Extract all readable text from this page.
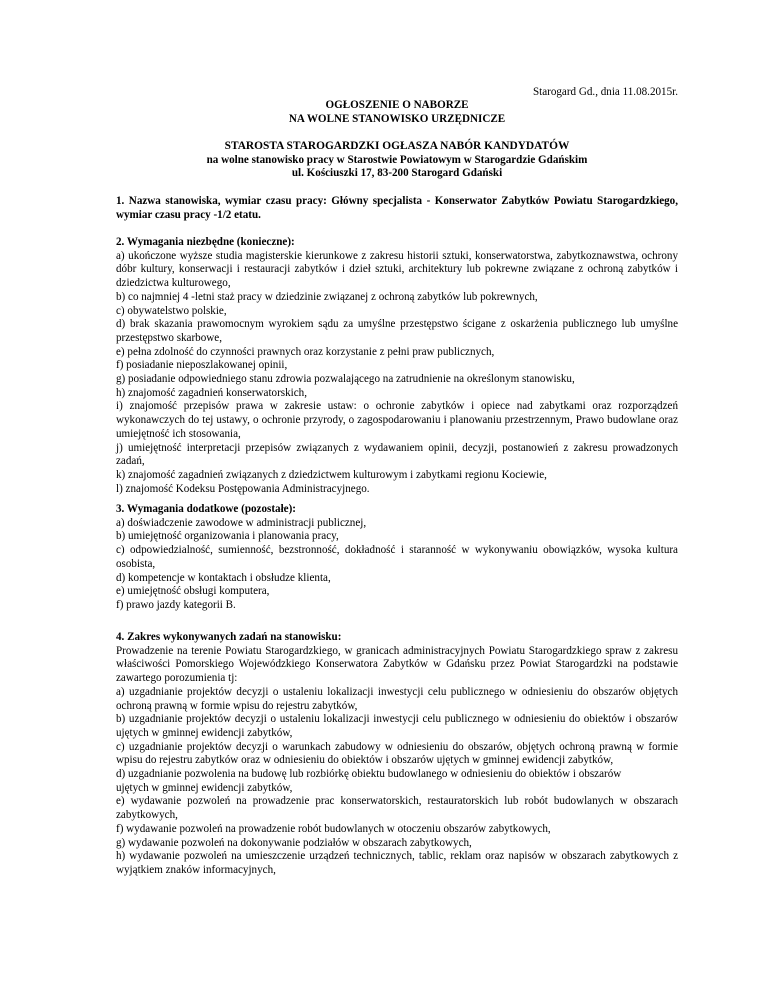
Starogard Gd., dnia 11.08.2015r.
OGŁOSZENIE O NABORZE
NA WOLNE STANOWISKO URZĘDNICZE
STAROSTA STAROGARDZKI OGŁASZA NABÓR KANDYDATÓW
na wolne stanowisko pracy w Starostwie Powiatowym w Starogardzie Gdańskim
ul. Kościuszki 17, 83-200 Starogard Gdański
1. Nazwa stanowiska, wymiar czasu pracy: Główny specjalista - Konserwator Zabytków Powiatu Starogardzkiego, wymiar czasu pracy -1/2 etatu.
2. Wymagania niezbędne (konieczne):

a) ukończone wyższe studia magisterskie kierunkowe z zakresu historii sztuki, konserwatorstwa, zabytkoznawstwa, ochrony dóbr kultury, konserwacji i restauracji zabytków i dzieł sztuki, architektury lub pokrewne związane z ochroną zabytków i dziedzictwa kulturowego,

b) co najmniej 4 -letni staż pracy w dziedzinie związanej z ochroną zabytków lub pokrewnych,

c) obywatelstwo polskie,

d) brak skazania prawomocnym wyrokiem sądu za umyślne przestępstwo ścigane z oskarżenia publicznego lub umyślne przestępstwo skarbowe,

e) pełna zdolność do czynności prawnych oraz korzystanie z pełni praw publicznych,

f) posiadanie nieposzlakowanej opinii,

g) posiadanie odpowiedniego stanu zdrowia pozwalającego na zatrudnienie na określonym stanowisku,

h) znajomość zagadnień konserwatorskich,

i) znajomość przepisów prawa w zakresie ustaw: o ochronie zabytków i opiece nad zabytkami oraz rozporządzeń wykonawczych do tej ustawy, o ochronie przyrody, o zagospodarowaniu i planowaniu przestrzennym, Prawo budowlane oraz umiejętność ich stosowania,

j) umiejętność interpretacji przepisów związanych z wydawaniem opinii, decyzji, postanowień z zakresu prowadzonych zadań,

k) znajomość zagadnień związanych z dziedzictwem kulturowym i zabytkami regionu Kociewie,

l) znajomość Kodeksu Postępowania Administracyjnego.

3. Wymagania dodatkowe (pozostałe):

a) doświadczenie zawodowe w administracji publicznej,

b) umiejętność organizowania i planowania pracy,

c) odpowiedzialność, sumienność, bezstronność, dokładność i staranność w wykonywaniu obowiązków, wysoka kultura osobista,

d) kompetencje w kontaktach i obsłudze klienta,

e) umiejętność obsługi komputera,

f) prawo jazdy kategorii B.

4. Zakres wykonywanych zadań na stanowisku:

Prowadzenie na terenie Powiatu Starogardzkiego, w granicach administracyjnych Powiatu Starogardzkiego spraw z zakresu właściwości Pomorskiego Wojewódzkiego Konserwatora Zabytków w Gdańsku przez Powiat Starogardzki na podstawie zawartego porozumienia tj:

a) uzgadnianie projektów decyzji o ustaleniu lokalizacji inwestycji celu publicznego w odniesieniu do obszarów objętych ochroną prawną w formie wpisu do rejestru zabytków,

b) uzgadnianie projektów decyzji o ustaleniu lokalizacji inwestycji celu publicznego w odniesieniu do obiektów i obszarów ujętych w gminnej ewidencji zabytków,

c) uzgadnianie projektów decyzji o warunkach zabudowy w odniesieniu do obszarów, objętych ochroną prawną w formie wpisu do rejestru zabytków oraz w odniesieniu do obiektów i obszarów ujętych w gminnej ewidencji zabytków,

d) uzgadnianie pozwolenia na budowę lub rozbiórkę obiektu budowlanego w odniesieniu do obiektów i obszarów

ujętych w gminnej ewidencji zabytków,

e) wydawanie pozwoleń na prowadzenie prac konserwatorskich, restauratorskich lub robót budowlanych w obszarach zabytkowych,

f) wydawanie pozwoleń na prowadzenie robót budowlanych w otoczeniu obszarów zabytkowych,

g) wydawanie pozwoleń na dokonywanie podziałów w obszarach zabytkowych,

h) wydawanie pozwoleń na umieszczenie urządzeń technicznych, tablic, reklam oraz napisów w obszarach zabytkowych z wyjątkiem znaków informacyjnych,
